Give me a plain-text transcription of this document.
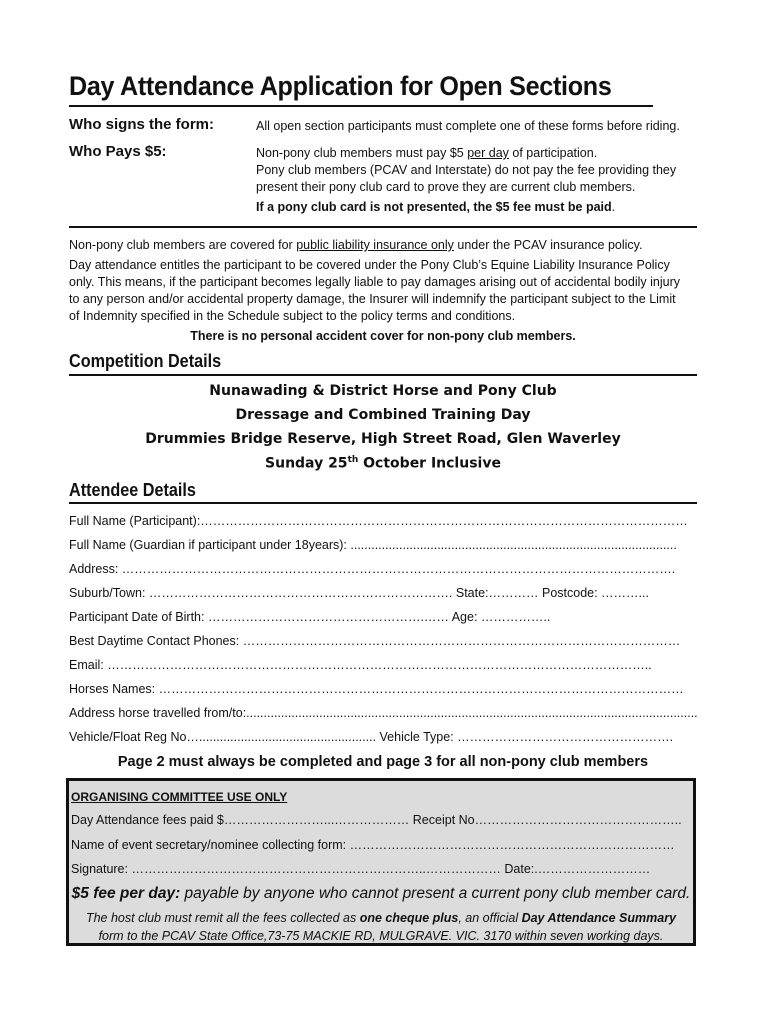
Day Attendance Application for Open Sections
Who signs the form:	All open section participants must complete one of these forms before riding.
Who Pays $5:	Non-pony club members must pay $5 per day of participation.
Pony club members (PCAV and Interstate) do not pay the fee providing they
present their pony club card to prove they are current club members.
If a pony club card is not presented, the $5 fee must be paid.
Non-pony club members are covered for public liability insurance only under the PCAV insurance policy.
Day attendance entitles the participant to be covered under the Pony Club’s Equine Liability Insurance Policy
only. This means, if the participant becomes legally liable to pay damages arising out of accidental bodily injury
to any person and/or accidental property damage, the Insurer will indemnify the participant subject to the Limit
of Indemnity specified in the Schedule subject to the policy terms and conditions.
There is no personal accident cover for non-pony club members.
Competition Details
Nunawading & District Horse and Pony Club
Dressage and Combined Training Day
Drummies Bridge Reserve, High Street Road, Glen Waverley
Sunday 25th October Inclusive
Attendee Details
Full Name (Participant):………………………………………………………………………………………………………
Full Name (Guardian if participant under 18years): ..............................................................................................
Address: …………………………………………………………………………………………………………………….
Suburb/Town: ………………………………………………………………. State:………… Postcode: ………...
Participant Date of Birth: …………………………………………….…… Age: ……………..
Best Daytime Contact Phones: ……………………………………………………………………………………………
Email: …………………………………………………………………………………………………………………..
Horses Names: ………………………………………………………………………………………………………………
Address horse travelled from/to:..................................................................................................................................
Vehicle/Float Reg No…................................................... Vehicle Type: …………………………………………….
Page 2 must always be completed and page 3 for all non-pony club members
ORGANISING COMMITTEE USE ONLY
Day Attendance fees paid $……………………...……………… Receipt No…………………………………………..
Name of event secretary/nominee collecting form: ……………………………………………………………………
Signature: ……………………………………………………………..……………… Date:.………………………
$5 fee per day: payable by anyone who cannot present a current pony club member card.
The host club must remit all the fees collected as one cheque plus, an official Day Attendance Summary
form to the PCAV State Office,73-75 MACKIE RD, MULGRAVE. VIC. 3170 within seven working days.
